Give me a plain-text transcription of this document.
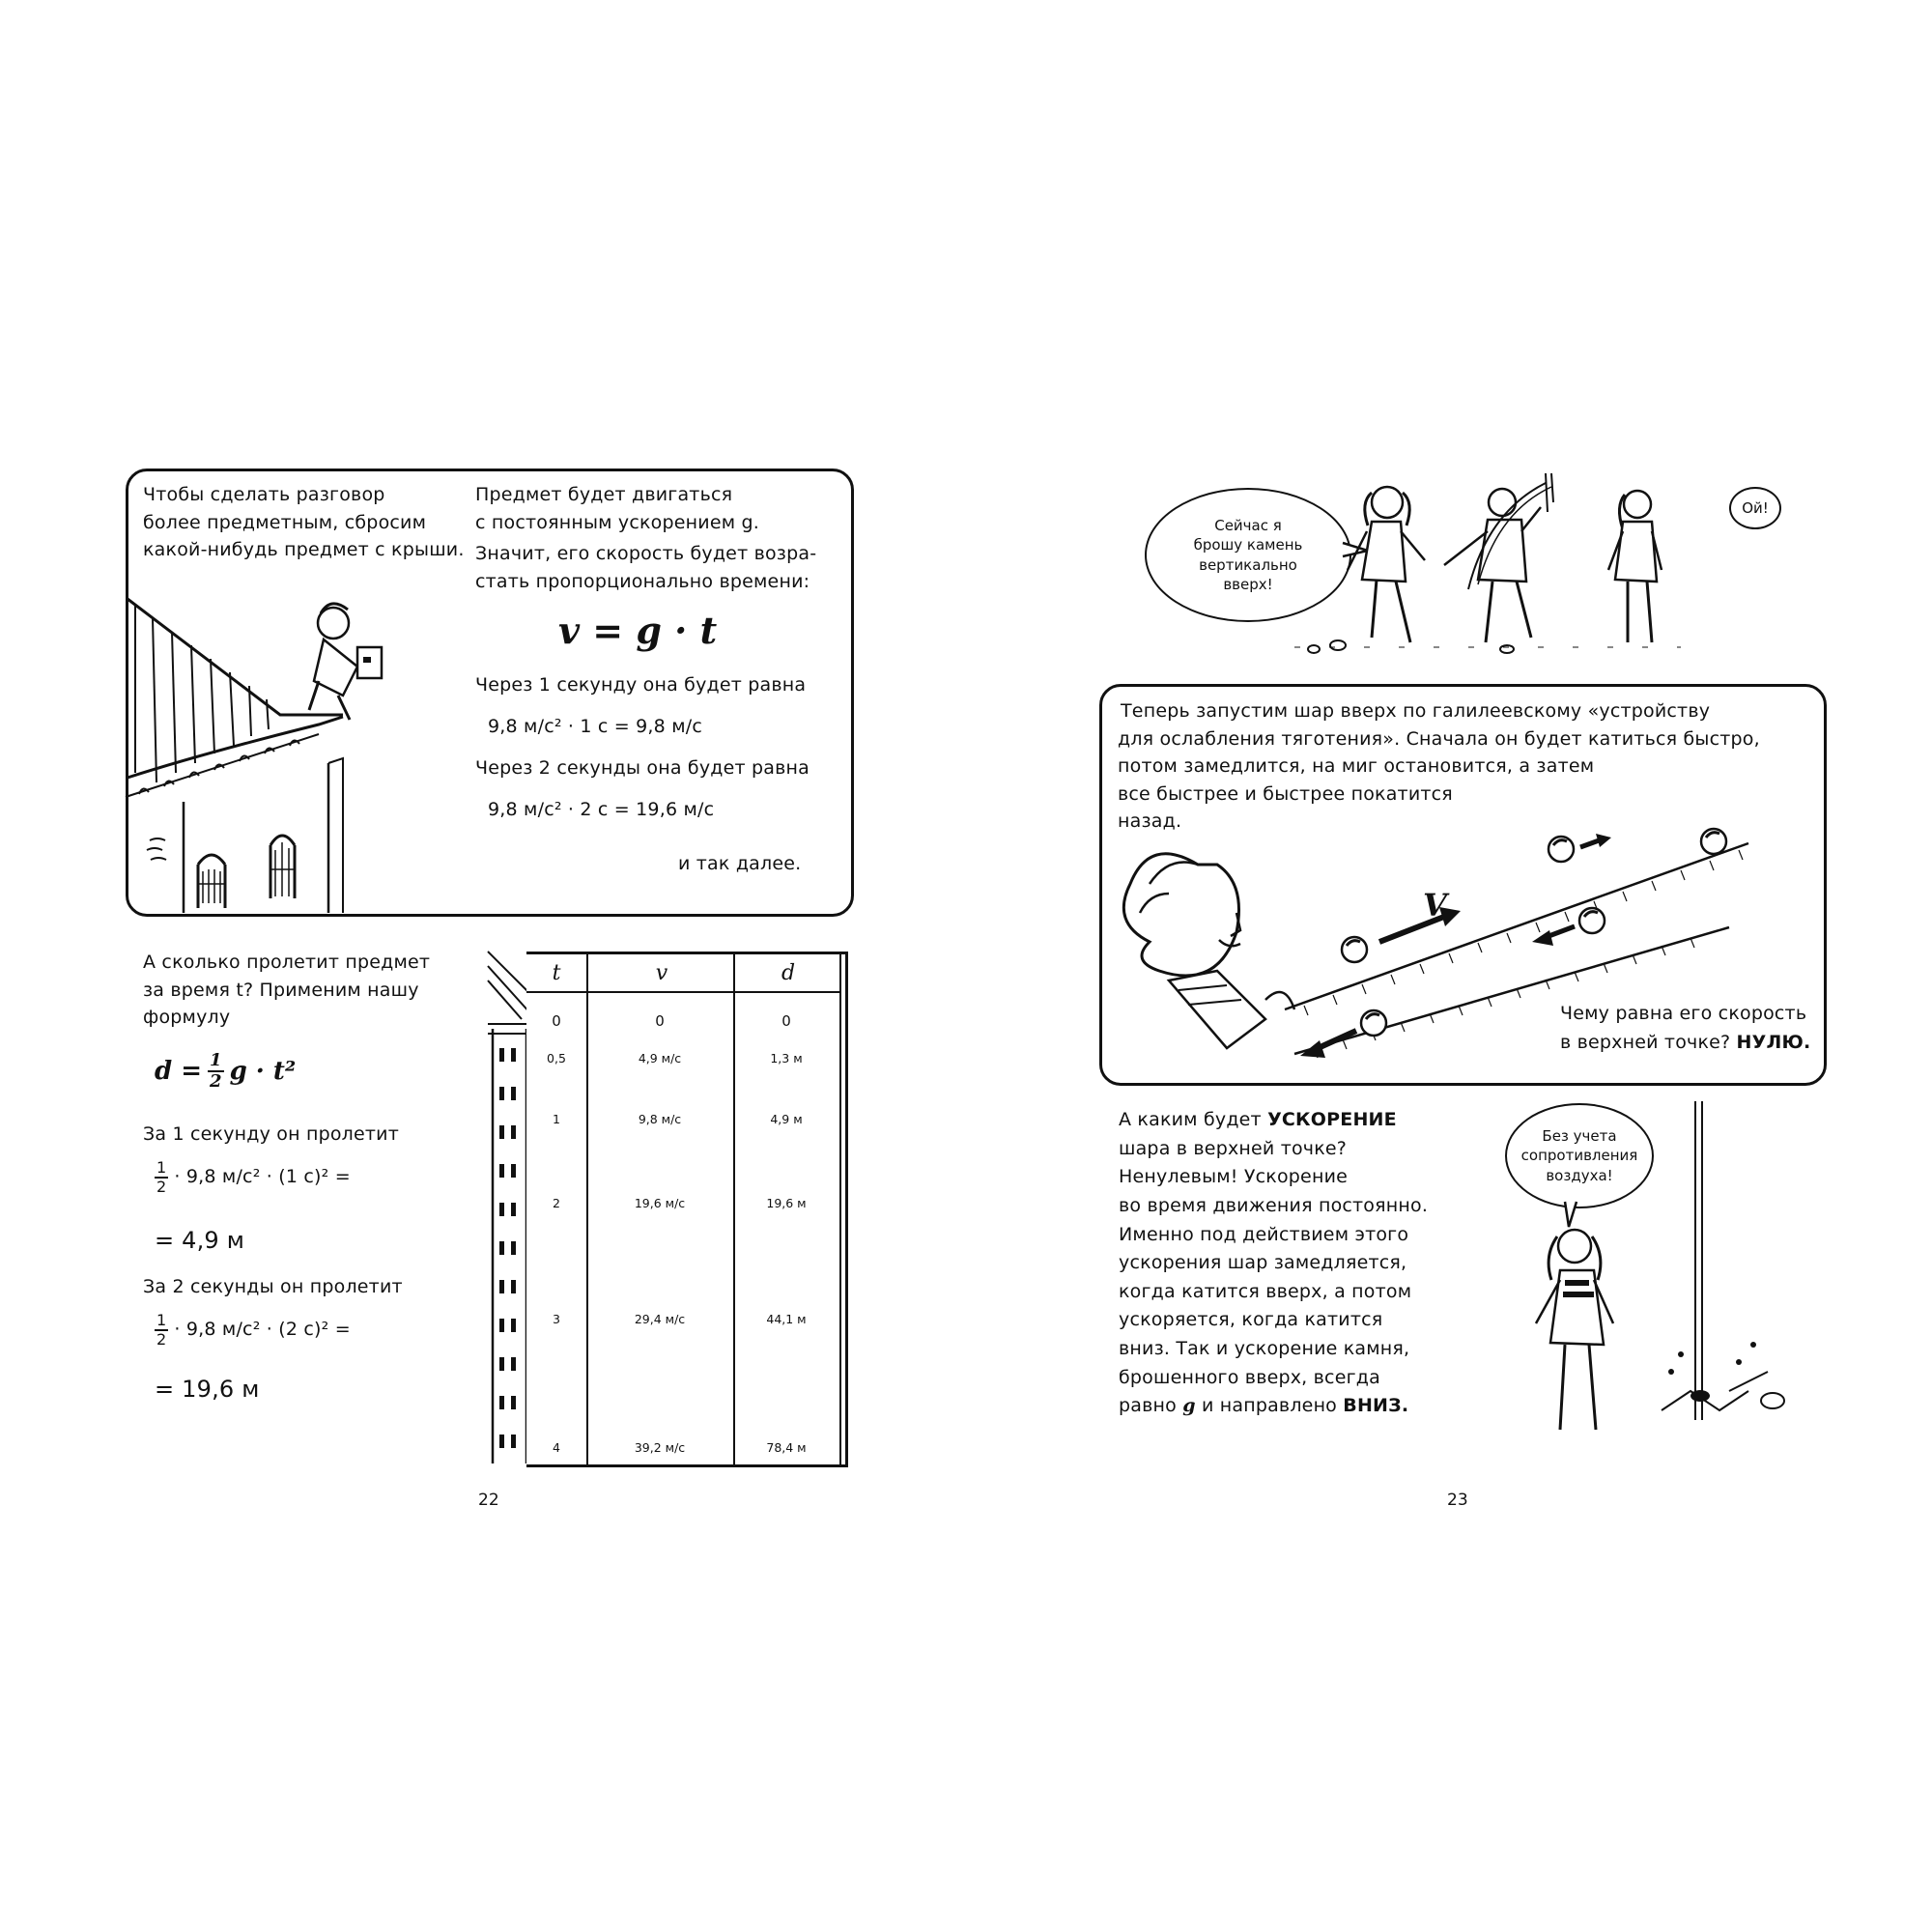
Чтобы сделать разговор
более предметным, сбросим
какой-нибудь предмет с крыши.
Предмет будет двигаться
с постоянным ускорением g.
Значит, его скорость будет возра-
стать пропорционально времени:
v = g · t
Через 1 секунду она будет равна
9,8 м/с² · 1 с = 9,8 м/с
Через 2 секунды она будет равна
9,8 м/с² · 2 с = 19,6 м/с
и так далее.
А сколько пролетит предмет
за время t? Применим нашу
формулу
$d = \frac{1}{2}$ g · t²
За 1 секунду он пролетит
1
2 · 9,8 м/с² · (1 с)² =
= 4,9 м
За 2 секунды он пролетит
1
2 · 9,8 м/с² · (2 с)² =
= 19,6 м
t	v	d
0	0	0
0,5	4,9 м/с	1,3 м
1	9,8 м/с	4,9 м
2	19,6 м/с	19,6 м
3	29,4 м/с	44,1 м
4	39,2 м/с	78,4 м
22
Сейчас я
брошу камень
вертикально
вверх!
Ой!
Теперь запустим шар вверх по галилеевскому «устройству
для ослабления тяготения». Сначала он будет катиться быстро,
потом замедлится, на миг остановится, а затем
все быстрее и быстрее покатится
назад.
V
Чему равна его скорость
в верхней точке? НУЛЮ.
А каким будет УСКОРЕНИЕ
шара в верхней точке?
Ненулевым! Ускорение
во время движения постоянно.
Именно под действием этого
ускорения шар замедляется,
когда катится вверх, а потом
ускоряется, когда катится
вниз. Так и ускорение камня,
брошенного вверх, всегда
равно g и направлено ВНИЗ.
Без учета
сопротивления
воздуха!
23
